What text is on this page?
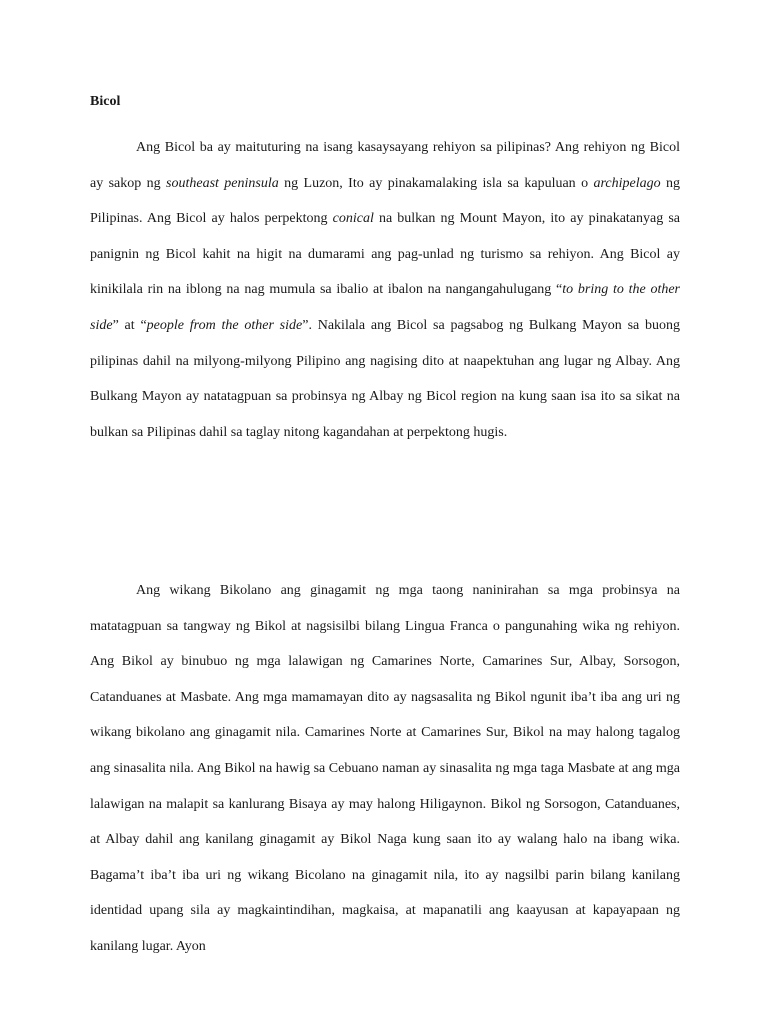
Bicol

Ang Bicol ba ay maituturing na isang kasaysayang rehiyon sa pilipinas? Ang rehiyon ng Bicol ay sakop ng southeast peninsula ng Luzon, Ito ay pinakamalaking isla sa kapuluan o archipelago ng Pilipinas. Ang Bicol ay halos perpektong conical na bulkan ng Mount Mayon, ito ay pinakatanyag sa panignin ng Bicol kahit na higit na dumarami ang pag-unlad ng turismo sa rehiyon. Ang Bicol ay kinikilala rin na iblong na nag mumula sa ibalio at ibalon na nangangahulugang “to bring to the other side” at “people from the other side”. Nakilala ang Bicol sa pagsabog ng Bulkang Mayon sa buong pilipinas dahil na milyong-milyong Pilipino ang nagising dito at naapektuhan ang lugar ng Albay. Ang Bulkang Mayon ay natatagpuan sa probinsya ng Albay ng Bicol region na kung saan isa ito sa sikat na bulkan sa Pilipinas dahil sa taglay nitong kagandahan at perpektong hugis.

Ang wikang Bikolano ang ginagamit ng mga taong naninirahan sa mga probinsya na matatagpuan sa tangway ng Bikol at nagsisilbi bilang Lingua Franca o pangunahing wika ng rehiyon. Ang Bikol ay binubuo ng mga lalawigan ng Camarines Norte, Camarines Sur, Albay, Sorsogon, Catanduanes at Masbate. Ang mga mamamayan dito ay nagsasalita ng Bikol ngunit iba’t iba ang uri ng wikang bikolano ang ginagamit nila. Camarines Norte at Camarines Sur, Bikol na may halong tagalog ang sinasalita nila. Ang Bikol na hawig sa Cebuano naman ay sinasalita ng mga taga Masbate at ang mga lalawigan na malapit sa kanlurang Bisaya ay may halong Hiligaynon. Bikol ng Sorsogon, Catanduanes, at Albay dahil ang kanilang ginagamit ay Bikol Naga kung saan ito ay walang halo na ibang wika. Bagama’t iba’t iba uri ng wikang Bicolano na ginagamit nila, ito ay nagsilbi parin bilang kanilang identidad upang sila ay magkaintindihan, magkaisa, at mapanatili ang kaayusan at kapayapaan ng kanilang lugar. Ayon
